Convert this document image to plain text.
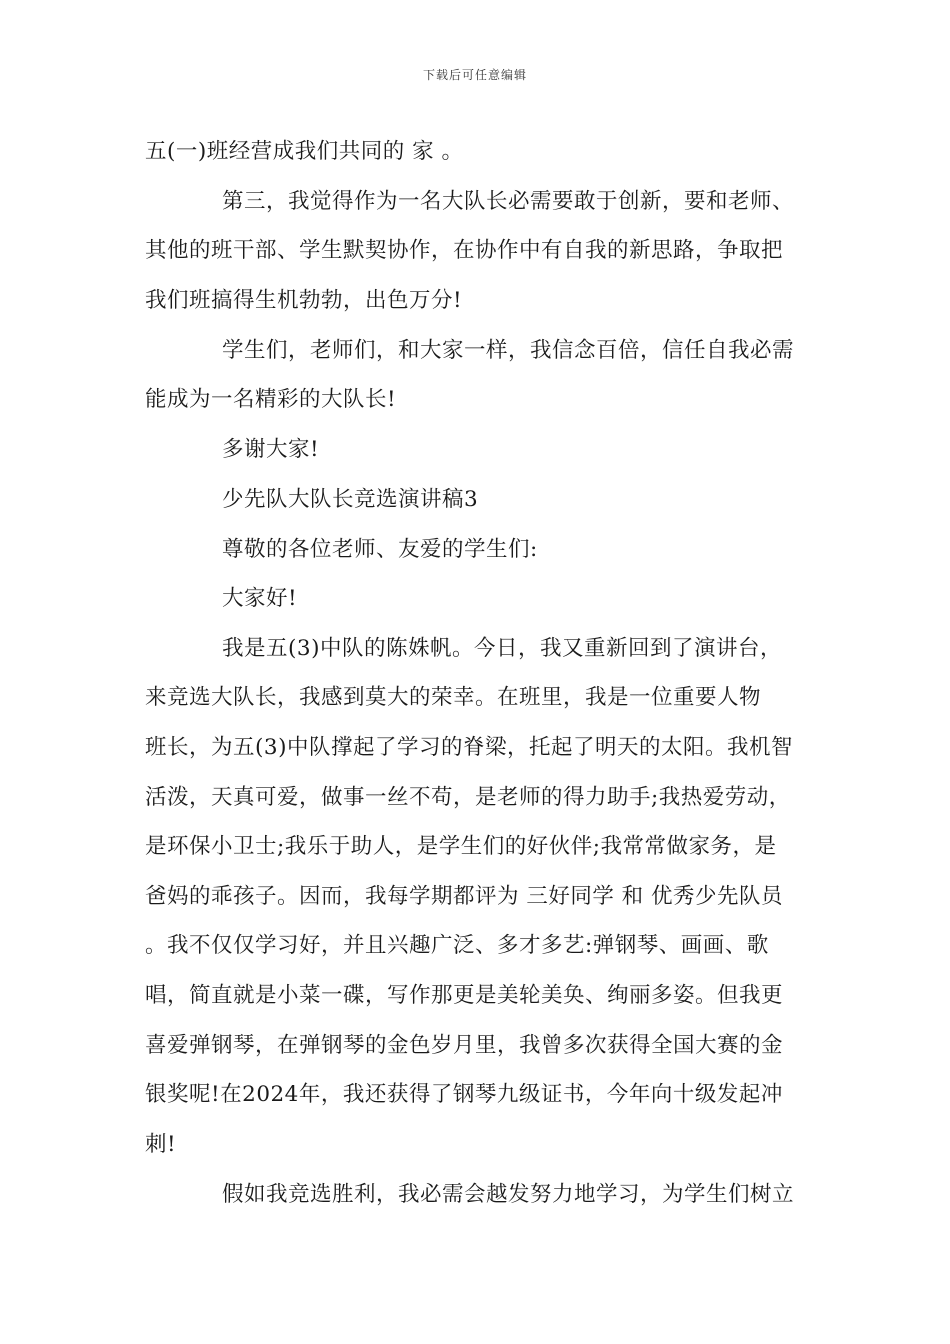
下载后可任意编辑
五(一)班经营成我们共同的 家 。
第三，我觉得作为一名大队长必需要敢于创新，要和老师、
其他的班干部、学生默契协作，在协作中有自我的新思路，争取把
我们班搞得生机勃勃，出色万分!
学生们，老师们，和大家一样，我信念百倍，信任自我必需
能成为一名精彩的大队长!
多谢大家!
少先队大队长竞选演讲稿3
尊敬的各位老师、友爱的学生们:
大家好!
我是五(3)中队的陈姝帆。今日，我又重新回到了演讲台，
来竞选大队长，我感到莫大的荣幸。在班里，我是一位重要人物
班长，为五(3)中队撑起了学习的脊梁，托起了明天的太阳。我机智
活泼，天真可爱，做事一丝不苟，是老师的得力助手;我热爱劳动，
是环保小卫士;我乐于助人，是学生们的好伙伴;我常常做家务，是
爸妈的乖孩子。因而，我每学期都评为 三好同学 和 优秀少先队员
。我不仅仅学习好，并且兴趣广泛、多才多艺:弹钢琴、画画、歌
唱，简直就是小菜一碟，写作那更是美轮美奂、绚丽多姿。但我更
喜爱弹钢琴，在弹钢琴的金色岁月里，我曾多次获得全国大赛的金
银奖呢!在2024年，我还获得了钢琴九级证书，今年向十级发起冲
刺!
假如我竞选胜利，我必需会越发努力地学习，为学生们树立
